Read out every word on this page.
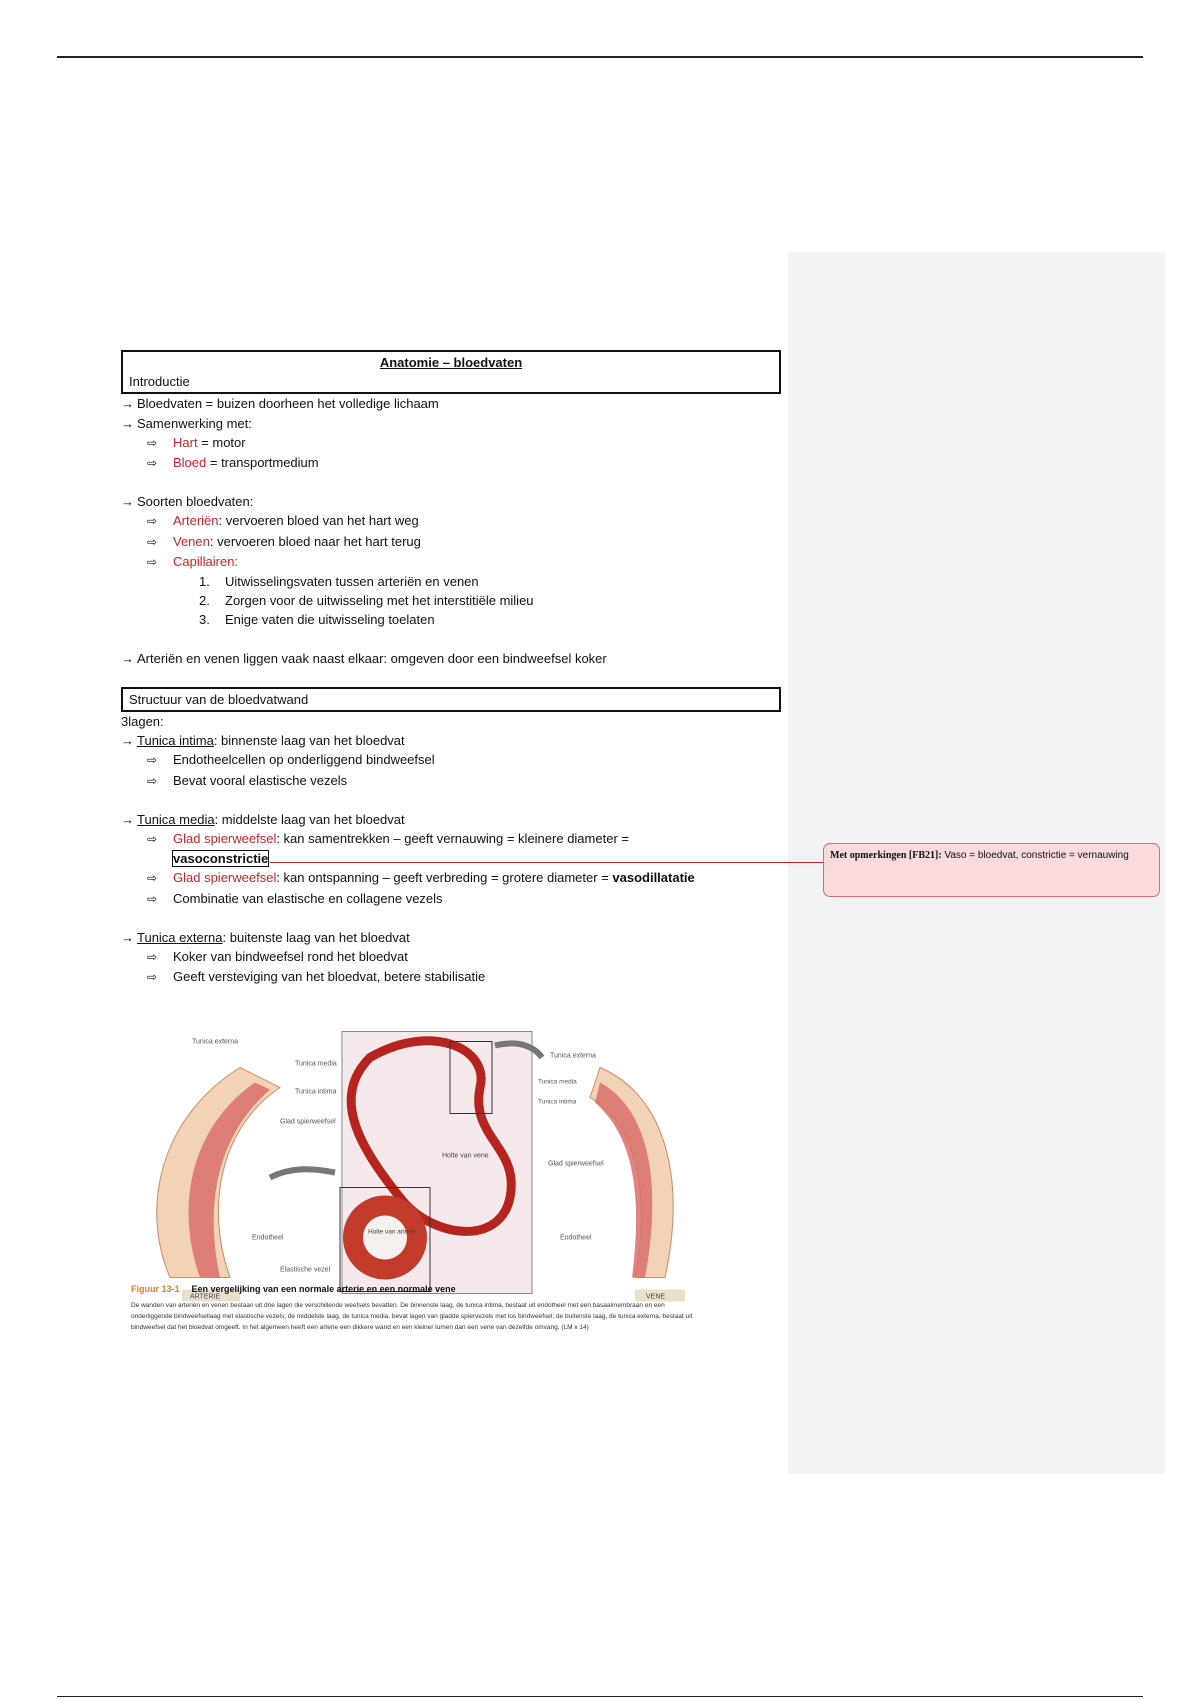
Met opmerkingen [FB21]: Vaso = bloedvat, constrictie = vernauwing
Anatomie – bloedvaten
Introductie
→ Bloedvaten = buizen doorheen het volledige lichaam
→ Samenwerking met:
⇨ Hart = motor
⇨ Bloed = transportmedium
→ Soorten bloedvaten:
⇨ Arteriën: vervoeren bloed van het hart weg
⇨ Venen: vervoeren bloed naar het hart terug
⇨ Capillairen:
1. Uitwisselingsvaten tussen arteriën en venen
2. Zorgen voor de uitwisseling met het interstitiële milieu
3. Enige vaten die uitwisseling toelaten
→ Arteriën en venen liggen vaak naast elkaar: omgeven door een bindweefsel koker
Structuur van de bloedvatwand
3lagen:
→ Tunica intima: binnenste laag van het bloedvat
⇨ Endotheelcellen op onderliggend bindweefsel
⇨ Bevat vooral elastische vezels
→ Tunica media: middelste laag van het bloedvat
⇨ Glad spierweefsel: kan samentrekken – geeft vernauwing = kleinere diameter =
vasoconstrictie
⇨ Glad spierweefsel: kan ontspanning – geeft verbreding = grotere diameter = vasodillatatie
⇨ Combinatie van elastische en collagene vezels
→ Tunica externa: buitenste laag van het bloedvat
⇨ Koker van bindweefsel rond het bloedvat
⇨ Geeft versteviging van het bloedvat, betere stabilisatie
Tunica externa
Tunica media
Tunica intima
Glad spierweefsel
Endotheel
Elastische vezel
ARTERIE
Holte van vene
Holte van arterie
Tunica externa
Tunica media
Tunica intima
Glad spierweefsel
Endotheel
VENE
Figuur 13-1 Een vergelijking van een normale arterie en een normale vene
De wanden van arteriën en venen bestaan uit drie lagen die verschillende weefsels bevatten. De binnenste laag, de tunica intima, bestaat uit endotheel met een basaalmembraan en een onderliggende bindweefsellaag met elastische vezels; de middelste laag, de tunica media, bevat lagen van gladde spiervezels met los bindweefsel; de buitenste laag, de tunica externa, bestaat uit bindweefsel dat het bloedvat omgeeft. In het algemeen heeft een arterie een dikkere wand en een kleiner lumen dan een vene van dezelfde omvang. (LM x 14)
